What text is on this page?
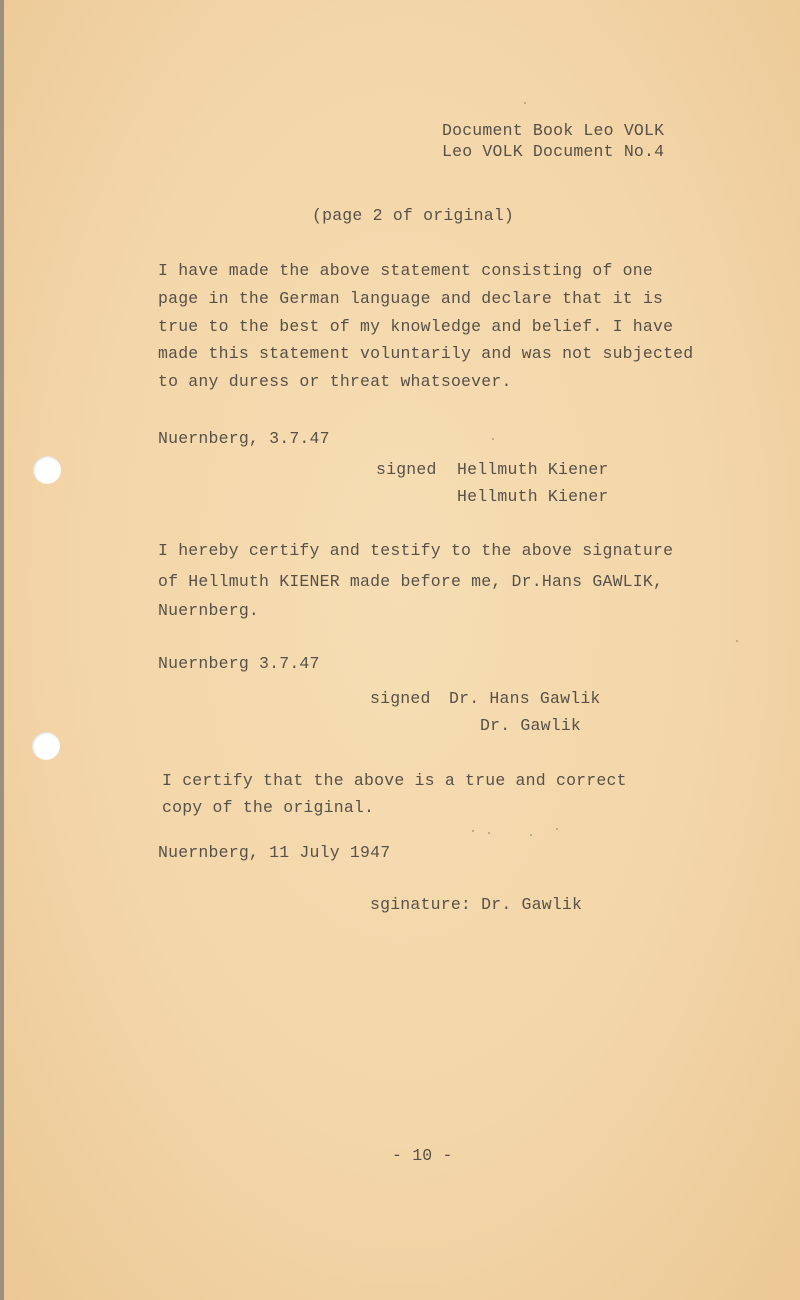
Document Book Leo VOLK
Leo VOLK Document No.4
(page 2 of original)
I have made the above statement consisting of one
page in the German language and declare that it is
true to the best of my knowledge and belief. I have
made this statement voluntarily and was not subjected
to any duress or threat whatsoever.
Nuernberg, 3.7.47
signed Hellmuth Kiener
Hellmuth Kiener
I hereby certify and testify to the above signature
of Hellmuth KIENER made before me, Dr.Hans GAWLIK,
Nuernberg.
Nuernberg 3.7.47
signed Dr. Hans Gawlik
Dr. Gawlik
I certify that the above is a true and correct
copy of the original.
Nuernberg, 11 July 1947
sginature: Dr. Gawlik
- 10 -
